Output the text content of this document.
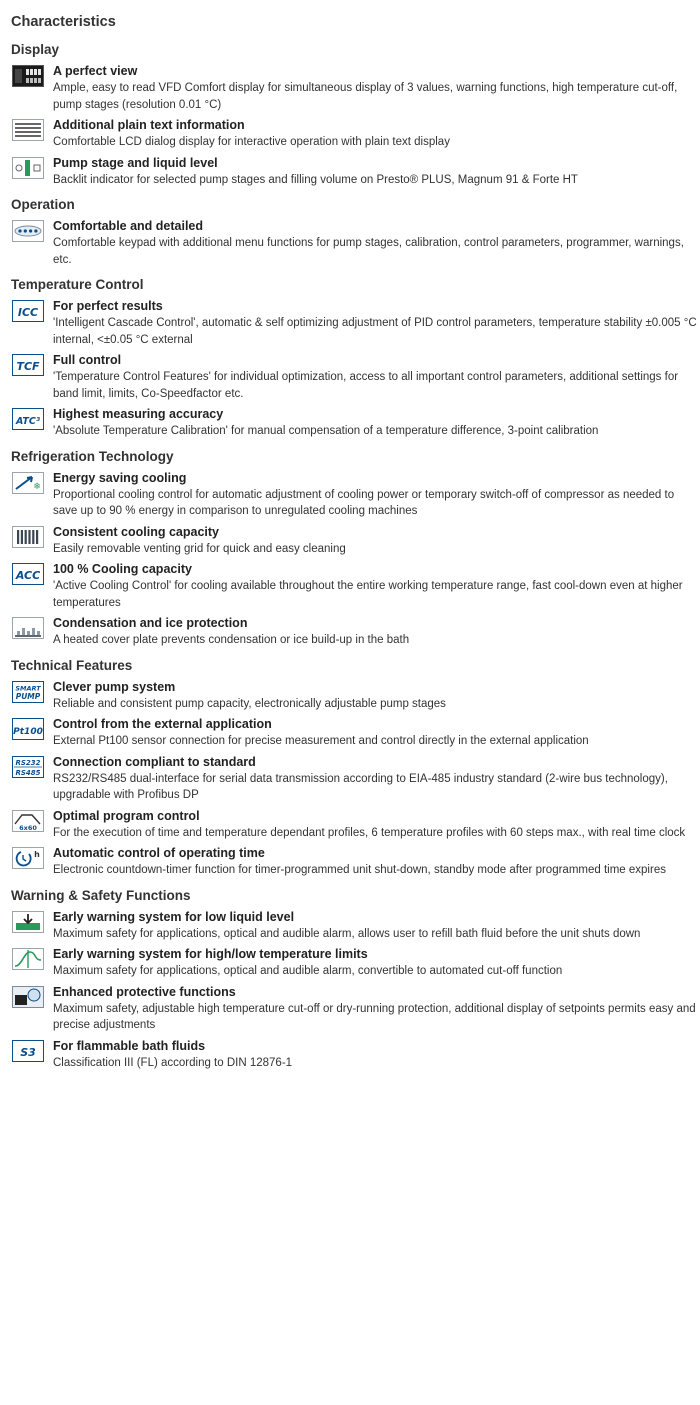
Characteristics
Display
A perfect view
Ample, easy to read VFD Comfort display for simultaneous display of 3 values, warning functions, high temperature cut-off, pump stages (resolution 0.01 °C)
Additional plain text information
Comfortable LCD dialog display for interactive operation with plain text display
Pump stage and liquid level
Backlit indicator for selected pump stages and filling volume on Presto® PLUS, Magnum 91 & Forte HT
Operation
Comfortable and detailed
Comfortable keypad with additional menu functions for pump stages, calibration, control parameters, programmer, warnings, etc.
Temperature Control
ICC For perfect results
'Intelligent Cascade Control', automatic & self optimizing adjustment of PID control parameters, temperature stability ±0.005 °C internal, <±0.05 °C external
TCF Full control
'Temperature Control Features' for individual optimization, access to all important control parameters, additional settings for band limit, limits, Co-Speedfactor etc.
ATC³
Highest measuring accuracy
'Absolute Temperature Calibration' for manual compensation of a temperature difference, 3-point calibration
Refrigeration Technology
❄
Energy saving cooling
Proportional cooling control for automatic adjustment of cooling power or temporary switch-off of compressor as needed to save up to 90 % energy in comparison to unregulated cooling machines
Consistent cooling capacity
Easily removable venting grid for quick and easy cleaning
ACC 100 % Cooling capacity
'Active Cooling Control' for cooling available throughout the entire working temperature range, fast cool-down even at higher temperatures
Condensation and ice protection
A heated cover plate prevents condensation or ice build-up in the bath
Technical Features
SMART
PUMP
Clever pump system
Reliable and consistent pump capacity, electronically adjustable pump stages
Pt100
Control from the external application
External Pt100 sensor connection for precise measurement and control directly in the external application
RS232
RS485
Connection compliant to standard
RS232/RS485 dual-interface for serial data transmission according to EIA-485 industry standard (2-wire bus technology), upgradable with Profibus DP
6x60
Optimal program control
For the execution of time and temperature dependant profiles, 6 temperature profiles with 60 steps max., with real time clock
h Automatic control of operating time
Electronic countdown-timer function for timer-programmed unit shut-down, standby mode after programmed time expires
Warning & Safety Functions
Early warning system for low liquid level
Maximum safety for applications, optical and audible alarm, allows user to refill bath fluid before the unit shuts down
Early warning system for high/low temperature limits
Maximum safety for applications, optical and audible alarm, convertible to automated cut-off function
Enhanced protective functions
Maximum safety, adjustable high temperature cut-off or dry-running protection, additional display of setpoints permits easy and precise adjustments
S3 For flammable bath fluids
Classification III (FL) according to DIN 12876-1
